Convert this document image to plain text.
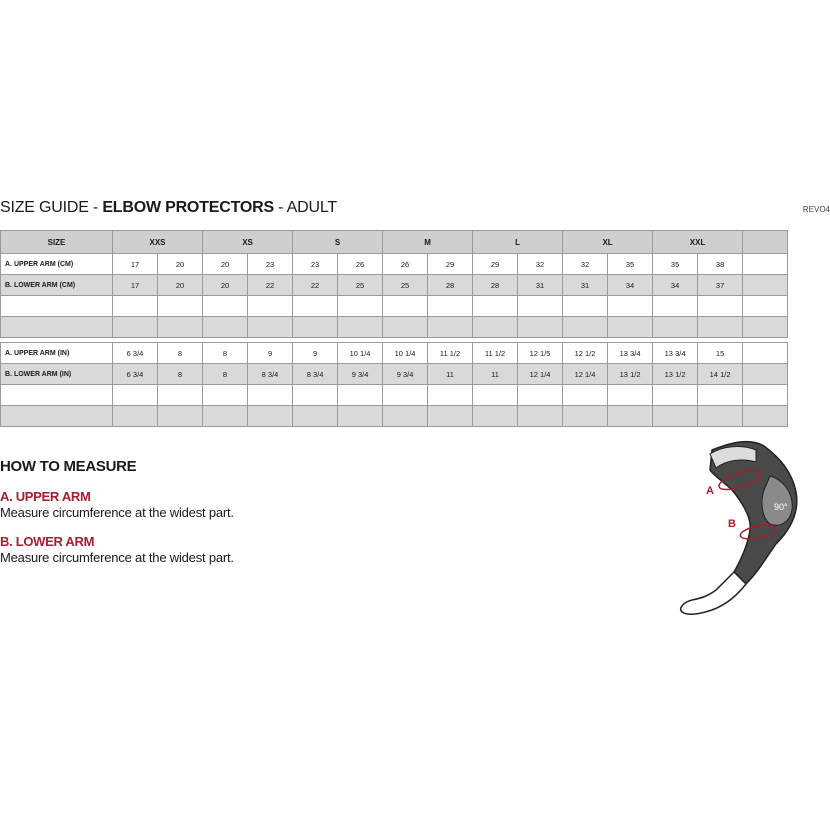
SIZE GUIDE - ELBOW PROTECTORS - ADULT	REVO4
SIZE	XXS		XS		S		M		L		XL		XXL		
A. UPPER ARM (CM)	17	20	20	23	23	26	26	29	29	32	32	35	35	38	
B. LOWER ARM (CM)	17	20	20	22	22	25	25	28	28	31	31	34	34	37	

A. UPPER ARM (IN)	6 3/4	8	8	9	9	10 1/4	10 1/4	11 1/2	11 1/2	12 1/5	12 1/2	13 3/4	13 3/4	15	
B. LOWER ARM (IN)	6 3/4	8	8	8 3/4	8 3/4	9 3/4	9 3/4	11	11	12 1/4	12 1/4	13 1/2	13 1/2	14 1/2	

HOW TO MEASURE
A. UPPER ARM
Measure circumference at the widest part.
B. LOWER ARM
Measure circumference at the widest part.
A
B
90°
